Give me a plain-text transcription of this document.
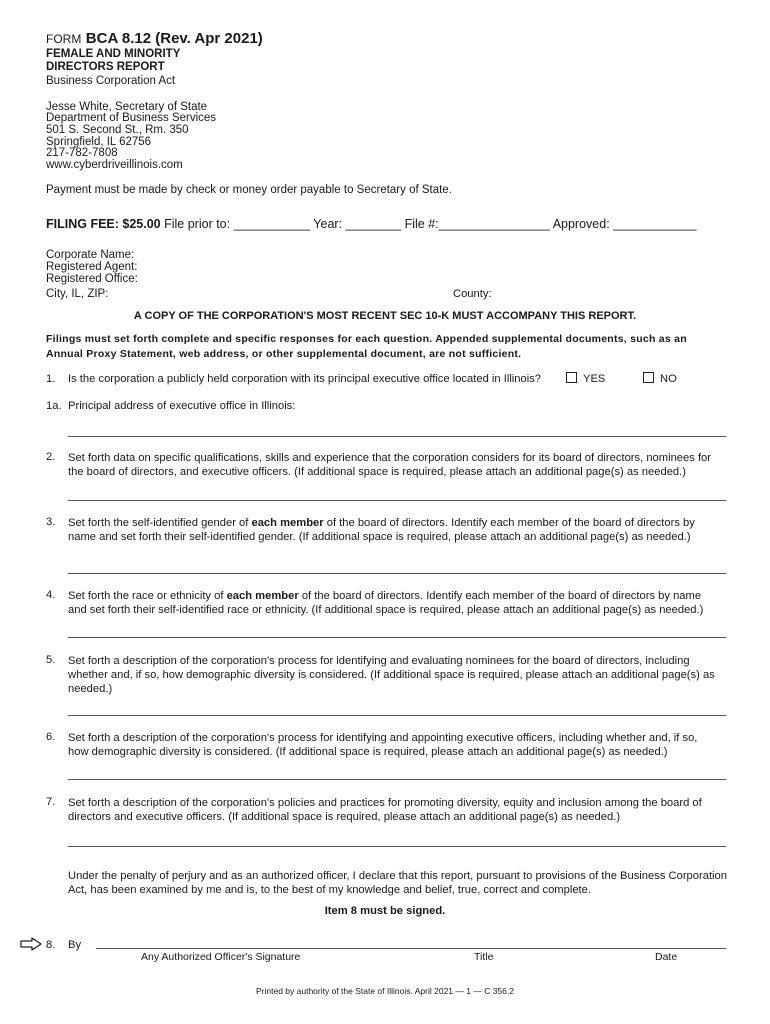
FORM BCA 8.12 (Rev. Apr 2021)
FEMALE AND MINORITY
DIRECTORS REPORT
Business Corporation Act
Jesse White, Secretary of State
Department of Business Services
501 S. Second St., Rm. 350
Springfield, IL 62756
217-782-7808
www.cyberdriveillinois.com
Payment must be made by check or money order payable to Secretary of State.
FILING FEE: $25.00 File prior to: ___________ Year: ________ File #:________________ Approved: ____________
Corporate Name:
Registered Agent:
Registered Office:
City, IL, ZIP:	County:
A COPY OF THE CORPORATION'S MOST RECENT SEC 10-K MUST ACCOMPANY THIS REPORT.
Filings must set forth complete and specific responses for each question. Appended supplemental documents, such as an
Annual Proxy Statement, web address, or other supplemental document, are not sufficient.
1. Is the corporation a publicly held corporation with its principal executive office located in Illinois?	YES	NO
1a. Principal address of executive office in Illinois:
2. Set forth data on specific qualifications, skills and experience that the corporation considers for its board of directors, nominees for
the board of directors, and executive officers. (If additional space is required, please attach an additional page(s) as needed.)
3. Set forth the self-identified gender of each member of the board of directors. Identify each member of the board of directors by
name and set forth their self-identified gender. (If additional space is required, please attach an additional page(s) as needed.)
4. Set forth the race or ethnicity of each member of the board of directors. Identify each member of the board of directors by name
and set forth their self-identified race or ethnicity. (If additional space is required, please attach an additional page(s) as needed.)
5. Set forth a description of the corporation's process for identifying and evaluating nominees for the board of directors, including
whether and, if so, how demographic diversity is considered. (If additional space is required, please attach an additional page(s) as
needed.)
6. Set forth a description of the corporation's process for identifying and appointing executive officers, including whether and, if so,
how demographic diversity is considered. (If additional space is required, please attach an additional page(s) as needed.)
7. Set forth a description of the corporation's policies and practices for promoting diversity, equity and inclusion among the board of
directors and executive officers. (If additional space is required, please attach an additional page(s) as needed.)
Under the penalty of perjury and as an authorized officer, I declare that this report, pursuant to provisions of the Business Corporation
Act, has been examined by me and is, to the best of my knowledge and belief, true, correct and complete.
Item 8 must be signed.
8. By
Any Authorized Officer's Signature	Title	Date
Printed by authority of the State of Illinois. April 2021 — 1 — C 356.2
